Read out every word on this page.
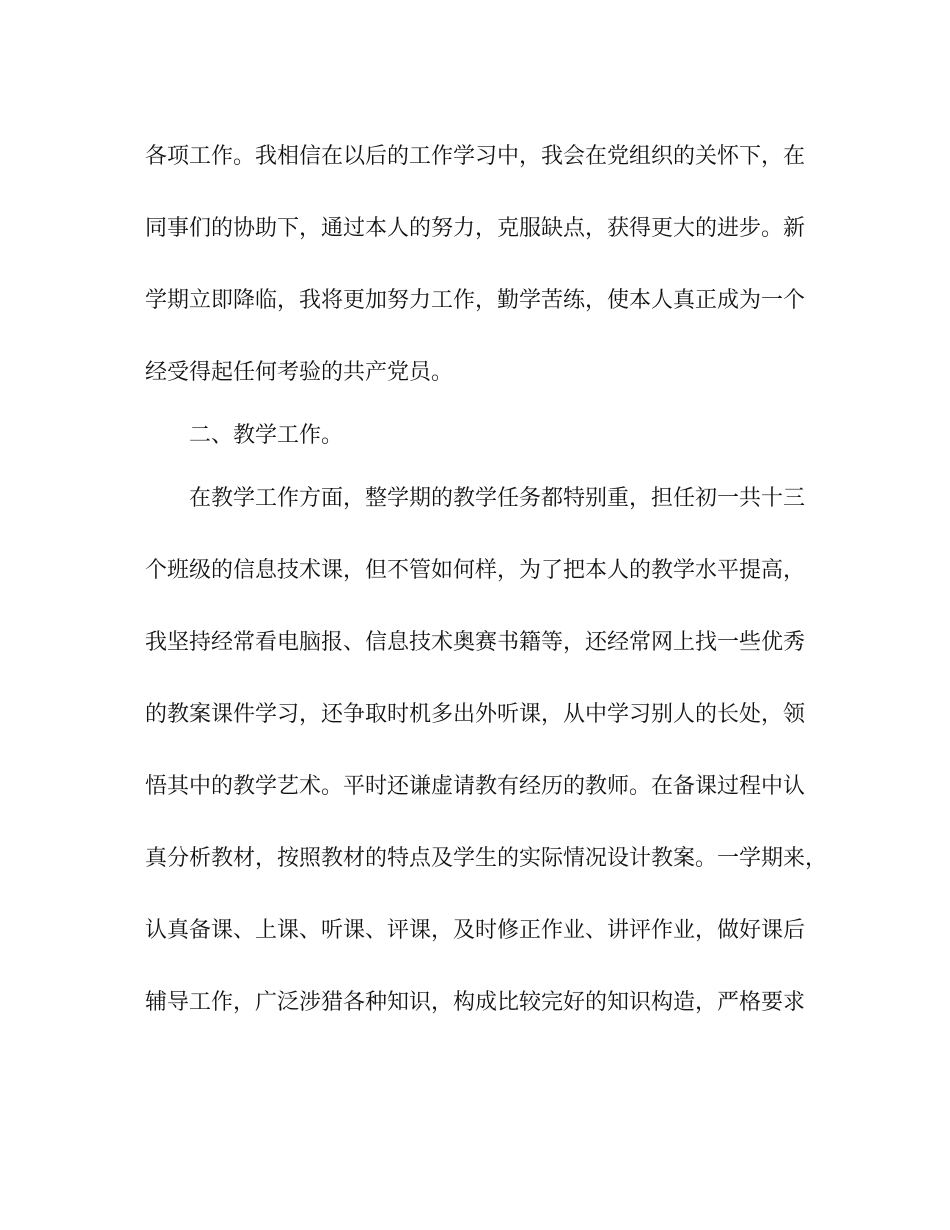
各项工作。我相信在以后的工作学习中，我会在党组织的关怀下，在
同事们的协助下，通过本人的努力，克服缺点，获得更大的进步。新
学期立即降临，我将更加努力工作，勤学苦练，使本人真正成为一个
经受得起任何考验的共产党员。
二、教学工作。
在教学工作方面，整学期的教学任务都特别重，担任初一共十三
个班级的信息技术课，但不管如何样，为了把本人的教学水平提高，
我坚持经常看电脑报、信息技术奥赛书籍等，还经常网上找一些优秀
的教案课件学习，还争取时机多出外听课，从中学习别人的长处，领
悟其中的教学艺术。平时还谦虚请教有经历的教师。在备课过程中认
真分析教材，按照教材的特点及学生的实际情况设计教案。一学期来，
认真备课、上课、听课、评课，及时修正作业、讲评作业，做好课后
辅导工作，广泛涉猎各种知识，构成比较完好的知识构造，严格要求
